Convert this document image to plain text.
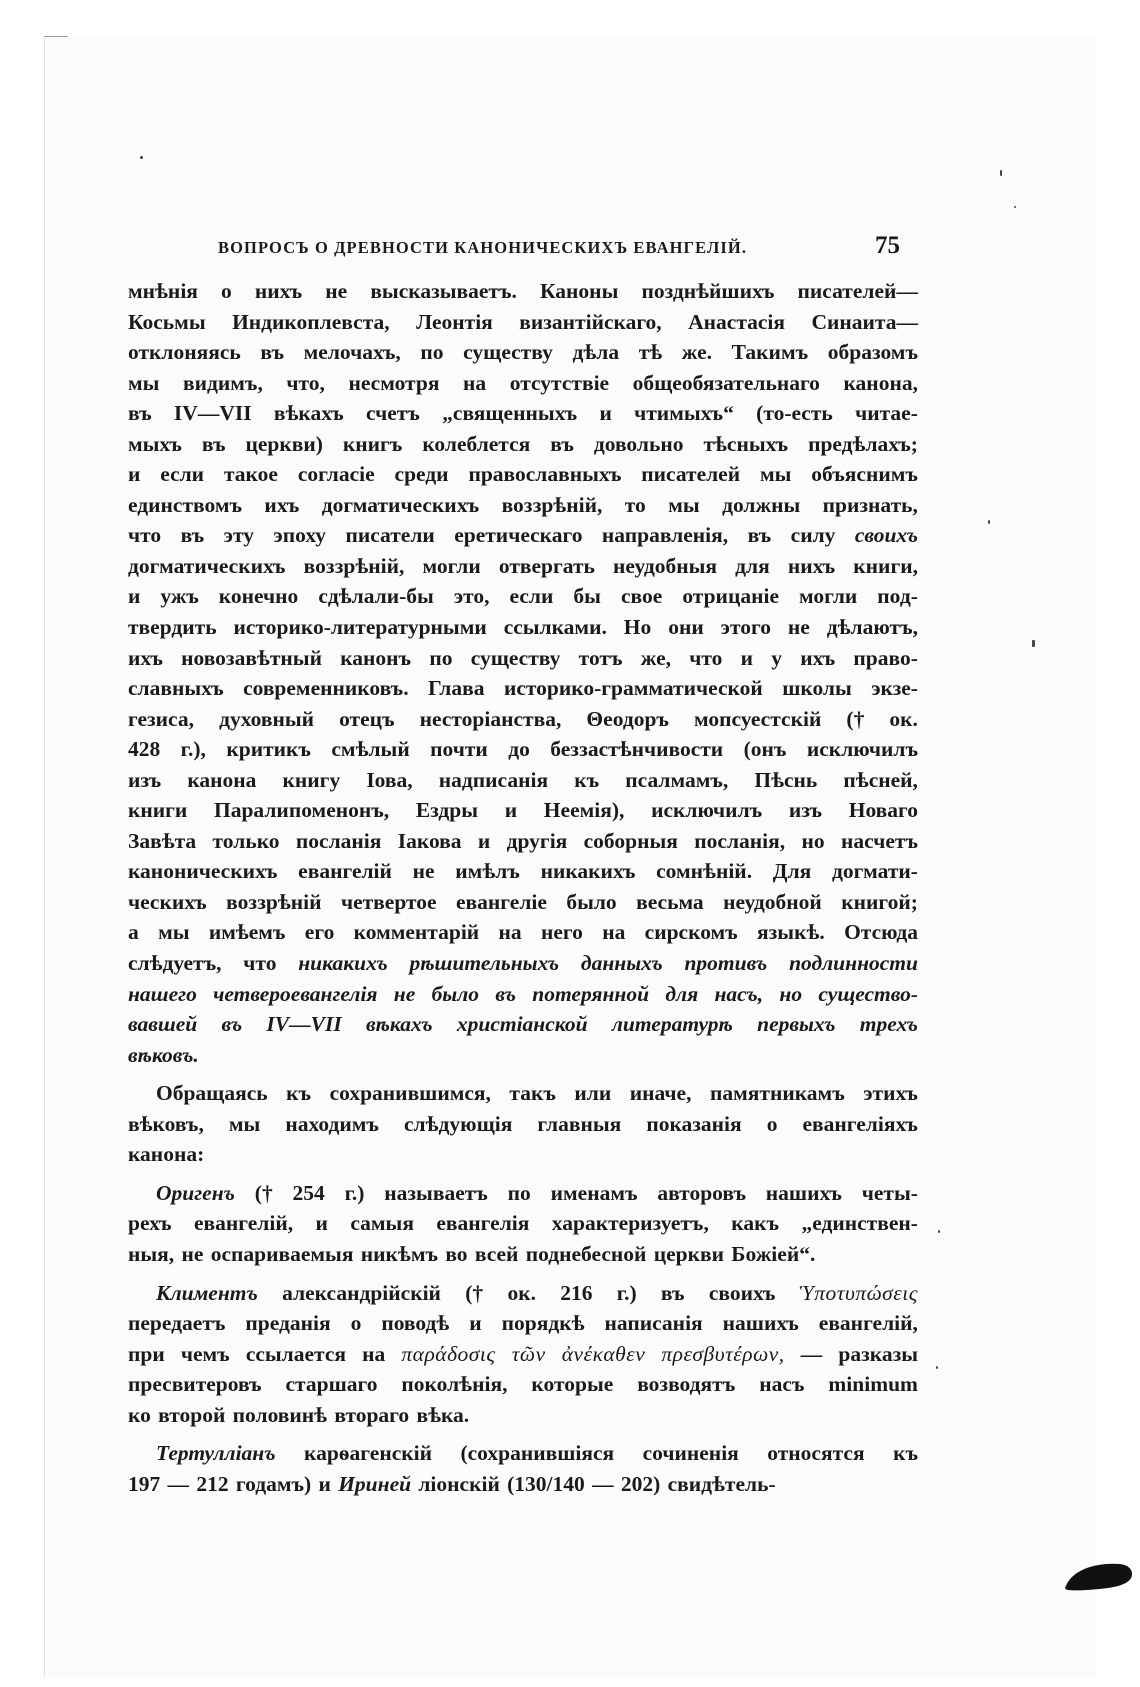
ВОПРОСЪ О ДРЕВНОСТИ КАНОНИЧЕСКИХЪ ЕВАНГЕЛІЙ.	75
мнѣнія о нихъ не высказываетъ. Каноны позднѣйшихъ писателей—
Косьмы Индикоплевста, Леонтія византійскаго, Анастасія Синаита—
отклоняясь въ мелочахъ, по существу дѣла тѣ же. Такимъ образомъ
мы видимъ, что, несмотря на отсутствіе общеобязательнаго канона,
въ IV—VII вѣкахъ счетъ „священныхъ и чтимыхъ“ (то-есть читае-
мыхъ въ церкви) книгъ колеблется въ довольно тѣсныхъ предѣлахъ;
и если такое согласіе среди православныхъ писателей мы объяснимъ
единствомъ ихъ догматическихъ воззрѣній, то мы должны признать,
что въ эту эпоху писатели еретическаго направленія, въ силу своихъ
догматическихъ воззрѣній, могли отвергать неудобныя для нихъ книги,
и ужъ конечно сдѣлали-бы это, если бы свое отрицаніе могли под-
твердить историко-литературными ссылками. Но они этого не дѣлаютъ,
ихъ новозавѣтный канонъ по существу тотъ же, что и у ихъ право-
славныхъ современниковъ. Глава историко-грамматической школы экзе-
гезиса, духовный отецъ несторіанства, Θеодоръ мопсуестскій († ок.
428 г.), критикъ смѣлый почти до беззастѣнчивости (онъ исключилъ
изъ канона книгу Іова, надписанія къ псалмамъ, Пѣснь пѣсней,
книги Паралипоменонъ, Ездры и Неемія), исключилъ изъ Новаго
Завѣта только посланія Іакова и другія соборныя посланія, но насчетъ
каноническихъ евангелій не имѣлъ никакихъ сомнѣній. Для догмати-
ческихъ воззрѣній четвертое евангеліе было весьма неудобной книгой;
а мы имѣемъ его комментарій на него на сирскомъ языкѣ. Отсюда
слѣдуетъ, что никакихъ рѣшительныхъ данныхъ противъ подлинности
нашего четвероевангелія не было въ потерянной для насъ, но существо-
вавшей въ IV—VII вѣкахъ христіанской литературѣ первыхъ трехъ
вѣковъ.
Обращаясь къ сохранившимся, такъ или иначе, памятникамъ этихъ
вѣковъ, мы находимъ слѣдующія главныя показанія о евангеліяхъ
канона:
Оригенъ († 254 г.) называетъ по именамъ авторовъ нашихъ четы-
рехъ евангелій, и самыя евангелія характеризуетъ, какъ „единствен-
ныя, не оспариваемыя никѣмъ во всей поднебесной церкви Божіей“.
Климентъ александрійскій († ок. 216 г.) въ своихъ Ὑποτυπώσεις
передаетъ преданія о поводѣ и порядкѣ написанія нашихъ евангелій,
при чемъ ссылается на παράδοσις τῶν ἀνέκαθεν πρεσβυτέρων, — разказы
пресвитеровъ старшаго поколѣнія, которые возводятъ насъ minimum
ко второй половинѣ втораго вѣка.
Тертулліанъ карѳагенскій (сохранившіяся сочиненія относятся къ
197 — 212 годамъ) и Ириней ліонскій (130/140 — 202) свидѣтель-
